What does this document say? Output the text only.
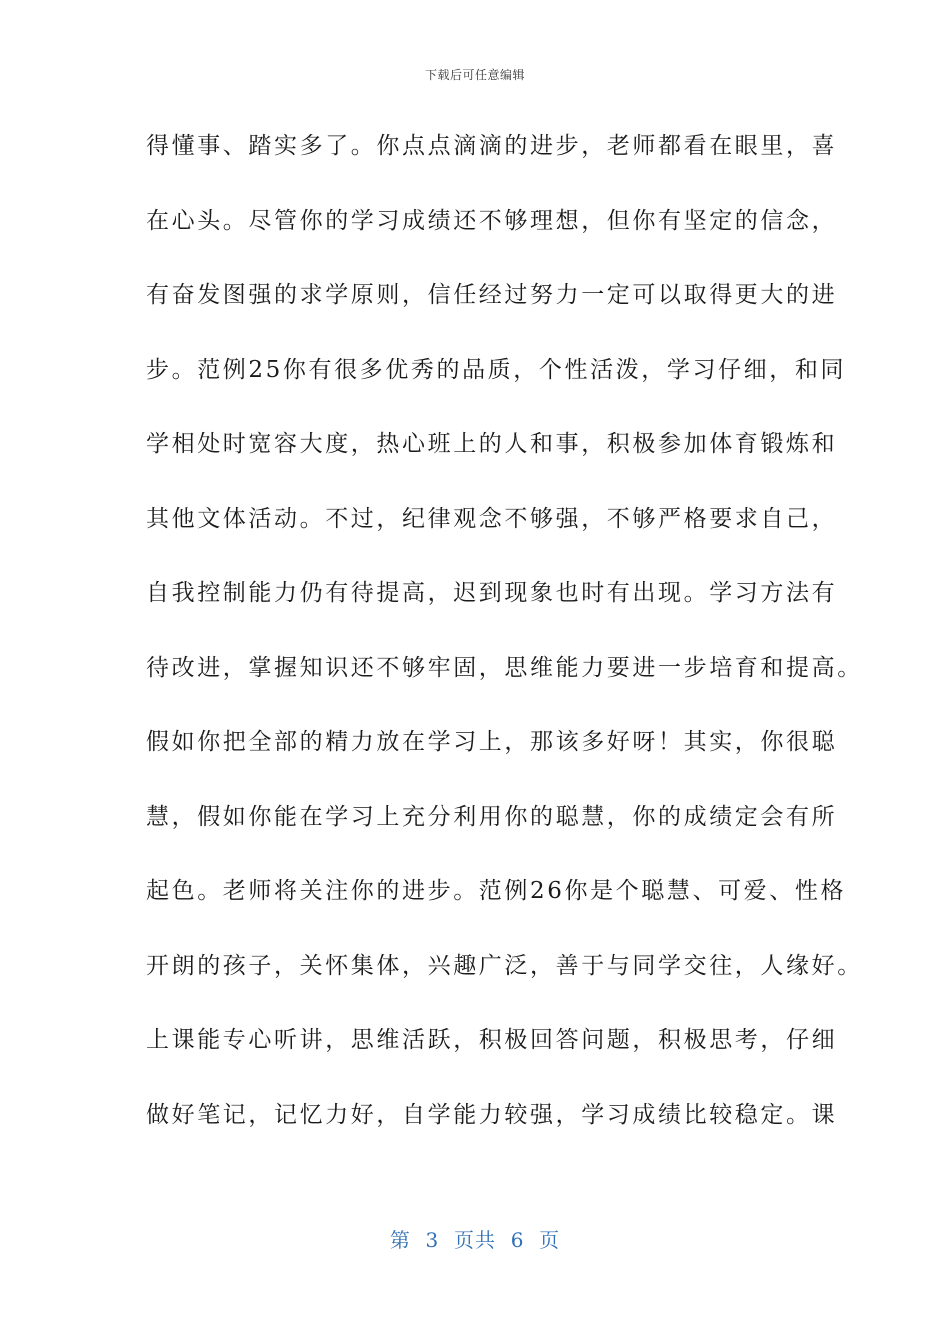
下载后可任意编辑
得懂事、踏实多了。你点点滴滴的进步，老师都看在眼里，喜
在心头。尽管你的学习成绩还不够理想，但你有坚定的信念，
有奋发图强的求学原则，信任经过努力一定可以取得更大的进
步。范例25你有很多优秀的品质，个性活泼，学习仔细，和同
学相处时宽容大度，热心班上的人和事，积极参加体育锻炼和
其他文体活动。不过，纪律观念不够强，不够严格要求自己，
自我控制能力仍有待提高，迟到现象也时有出现。学习方法有
待改进，掌握知识还不够牢固，思维能力要进一步培育和提高。
假如你把全部的精力放在学习上，那该多好呀！其实，你很聪
慧，假如你能在学习上充分利用你的聪慧，你的成绩定会有所
起色。老师将关注你的进步。范例26你是个聪慧、可爱、性格
开朗的孩子，关怀集体，兴趣广泛，善于与同学交往，人缘好。
上课能专心听讲，思维活跃，积极回答问题，积极思考，仔细
做好笔记，记忆力好，自学能力较强，学习成绩比较稳定。课
第  3  页共  6  页
